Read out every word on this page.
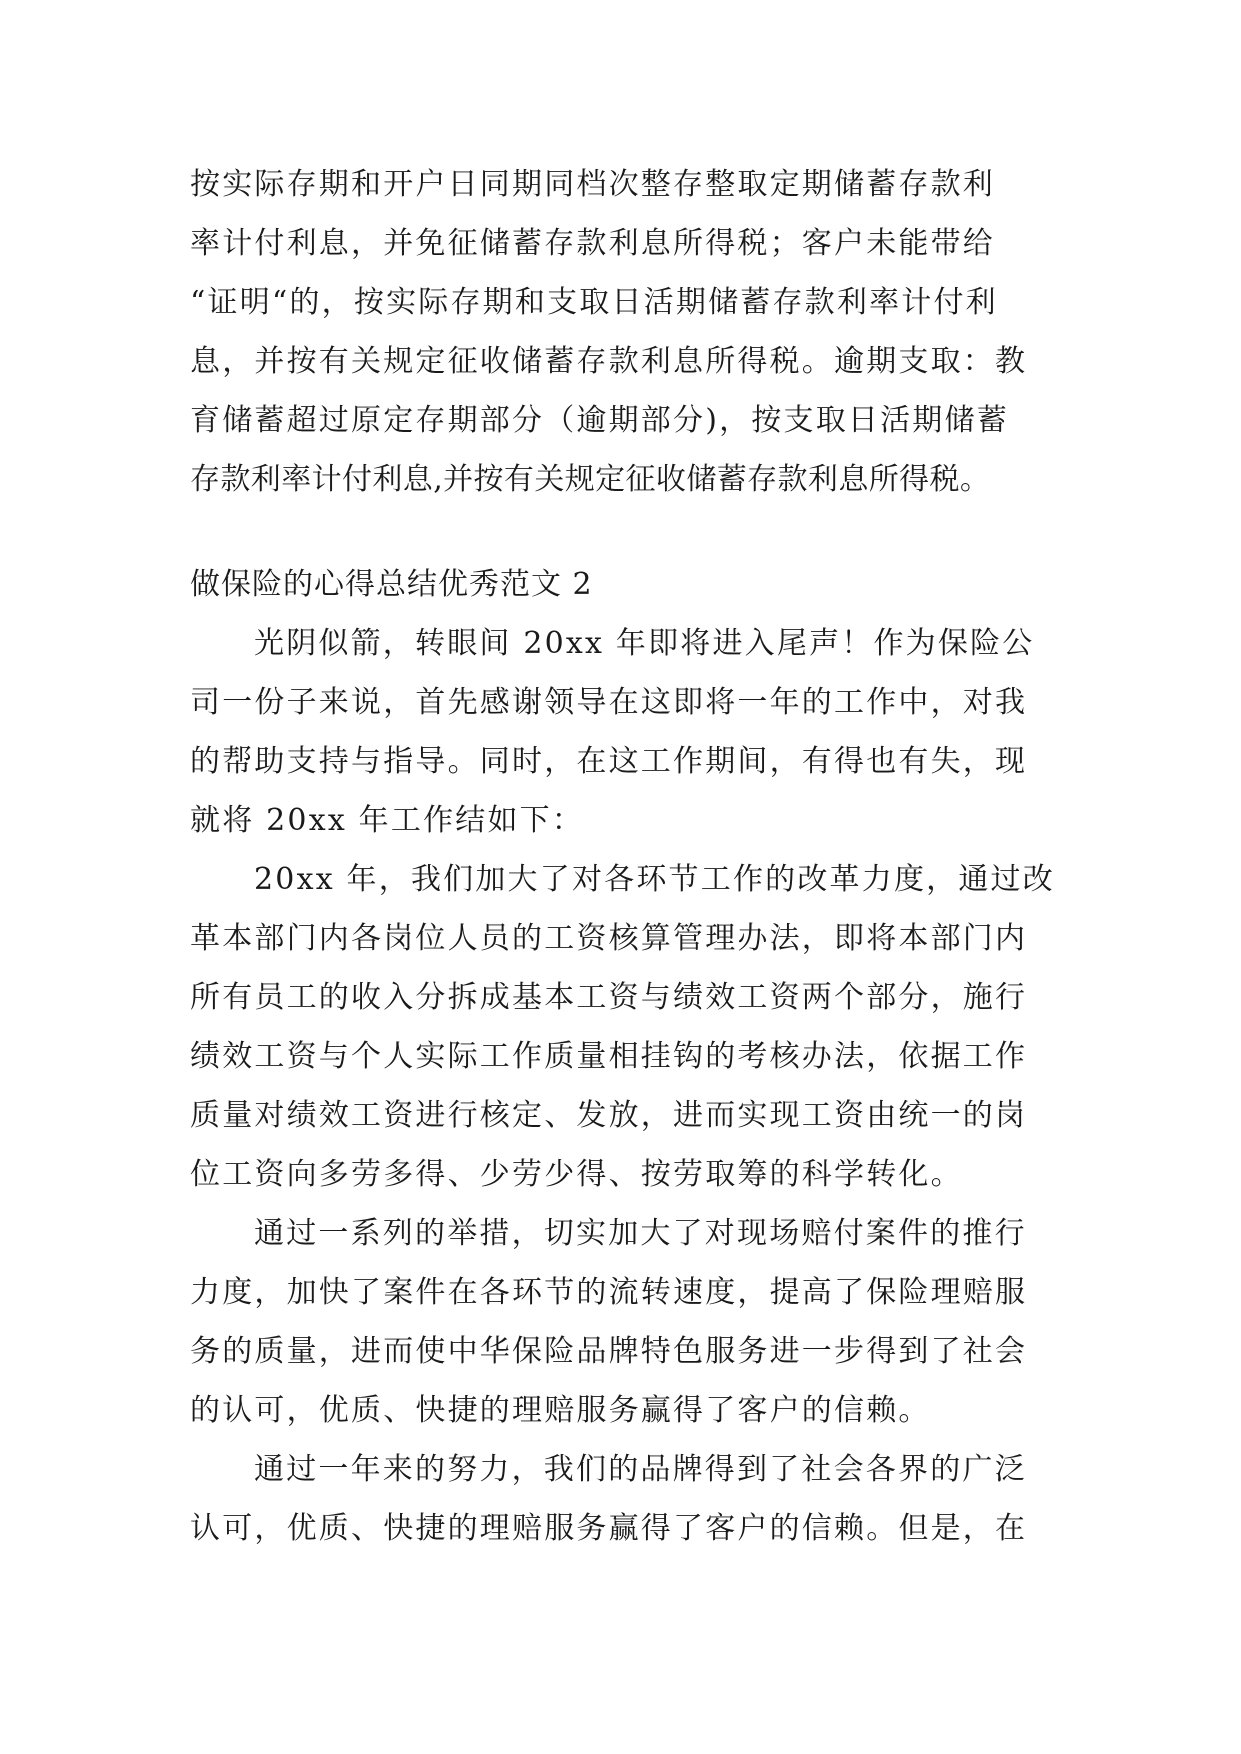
按实际存期和开户日同期同档次整存整取定期储蓄存款利
率计付利息，并免征储蓄存款利息所得税；客户未能带给
“证明“的，按实际存期和支取日活期储蓄存款利率计付利
息，并按有关规定征收储蓄存款利息所得税。逾期支取：教
育储蓄超过原定存期部分（逾期部分)，按支取日活期储蓄
存款利率计付利息,并按有关规定征收储蓄存款利息所得税。
做保险的心得总结优秀范文 2
光阴似箭，转眼间 20xx 年即将进入尾声！作为保险公
司一份子来说，首先感谢领导在这即将一年的工作中，对我
的帮助支持与指导。同时，在这工作期间，有得也有失，现
就将 20xx 年工作结如下：
20xx 年，我们加大了对各环节工作的改革力度，通过改
革本部门内各岗位人员的工资核算管理办法，即将本部门内
所有员工的收入分拆成基本工资与绩效工资两个部分，施行
绩效工资与个人实际工作质量相挂钩的考核办法，依据工作
质量对绩效工资进行核定、发放，进而实现工资由统一的岗
位工资向多劳多得、少劳少得、按劳取筹的科学转化。
通过一系列的举措，切实加大了对现场赔付案件的推行
力度，加快了案件在各环节的流转速度，提高了保险理赔服
务的质量，进而使中华保险品牌特色服务进一步得到了社会
的认可，优质、快捷的理赔服务赢得了客户的信赖。
通过一年来的努力，我们的品牌得到了社会各界的广泛
认可，优质、快捷的理赔服务赢得了客户的信赖。但是，在
